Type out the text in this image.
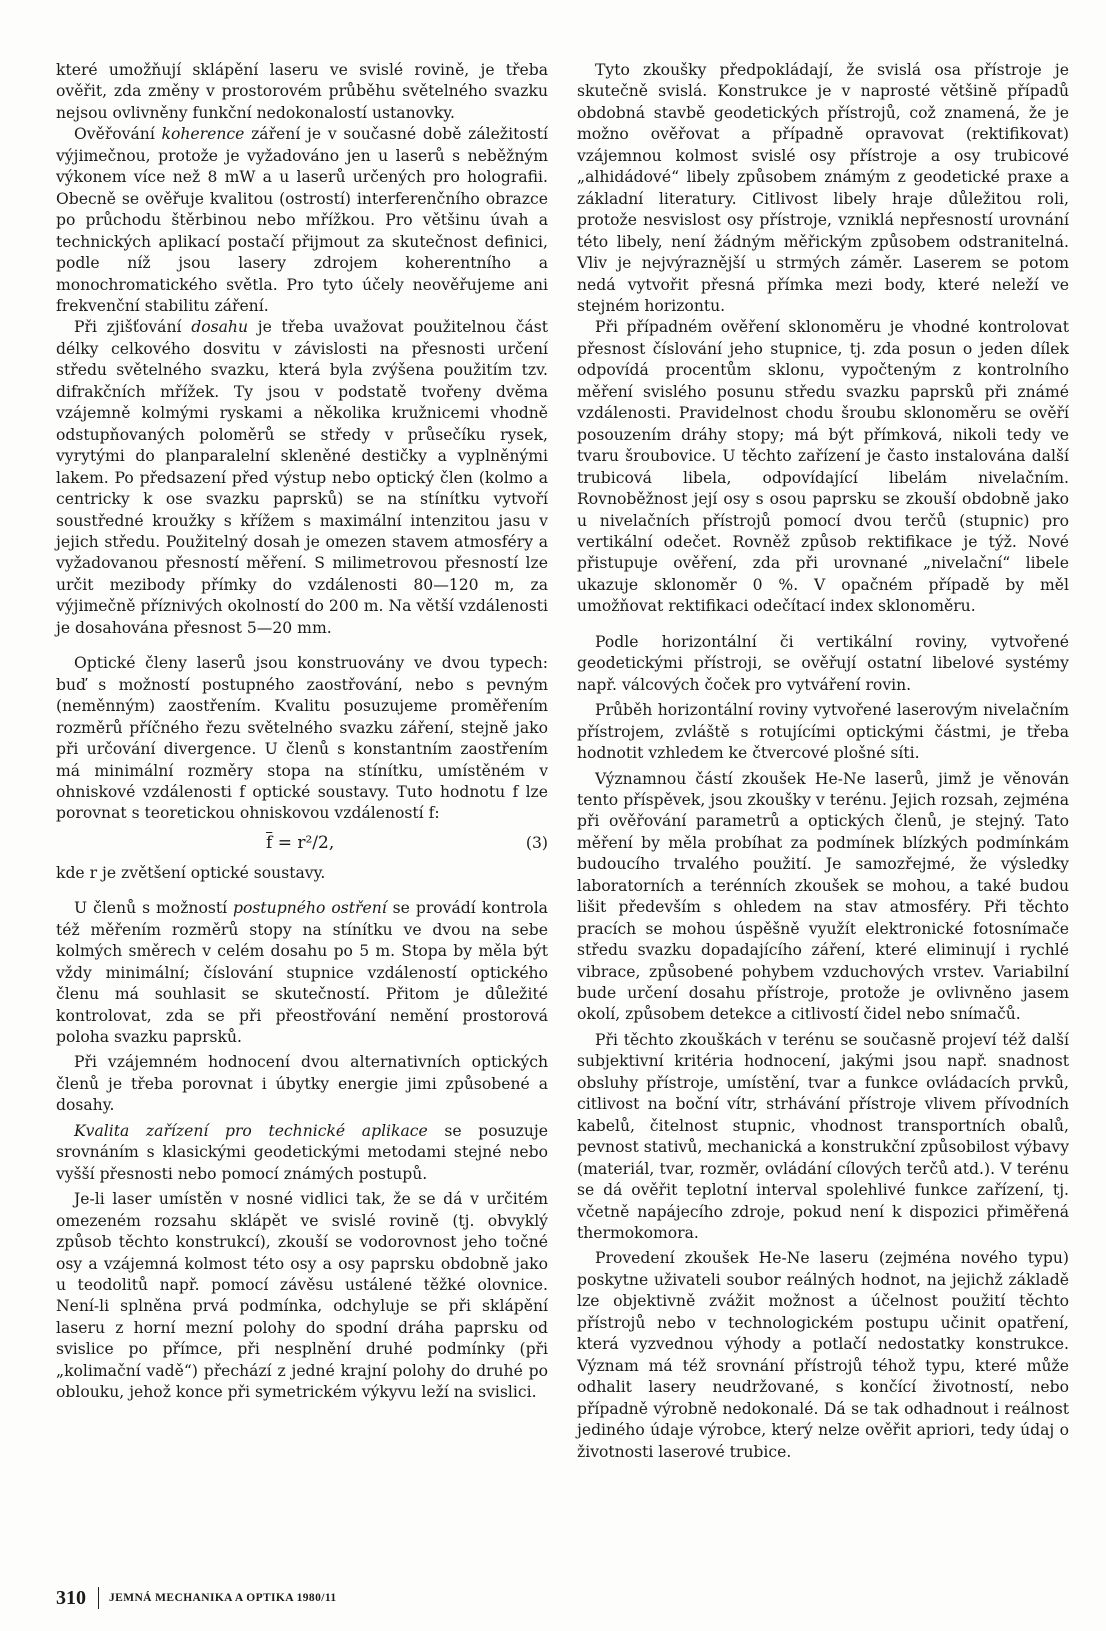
které umožňují sklápění laseru ve svislé rovině, je třeba ověřit, zda změny v prostorovém průběhu světelného svazku nejsou ovlivněny funkční nedokonalostí ustanovky.

Ověřování koherence záření je v současné době záležitostí výjimečnou, protože je vyžadováno jen u laserů s neběžným výkonem více než 8 mW a u laserů určených pro holografii. Obecně se ověřuje kvalitou (ostrostí) interferenčního obrazce po průchodu štěrbinou nebo mřížkou. Pro většinu úvah a technických aplikací postačí přijmout za skutečnost definici, podle níž jsou lasery zdrojem koherentního a monochromatického světla. Pro tyto účely neověřujeme ani frekvenční stabilitu záření.

Při zjišťování dosahu je třeba uvažovat použitelnou část délky celkového dosvitu v závislosti na přesnosti určení středu světelného svazku, která byla zvýšena použitím tzv. difrakčních mřížek. Ty jsou v podstatě tvořeny dvěma vzájemně kolmými ryskami a několika kružnicemi vhodně odstupňovaných poloměrů se středy v průsečíku rysek, vyrytými do planparalelní skleněné destičky a vyplněnými lakem. Po předsazení před výstup nebo optický člen (kolmo a centricky k ose svazku paprsků) se na stínítku vytvoří soustředné kroužky s křížem s maximální intenzitou jasu v jejich středu. Použitelný dosah je omezen stavem atmosféry a vyžadovanou přesností měření. S milimetrovou přesností lze určit mezibody přímky do vzdálenosti 80—120 m, za výjimečně příznivých okolností do 200 m. Na větší vzdálenosti je dosahována přesnost 5—20 mm.

Optické členy laserů jsou konstruovány ve dvou typech: buď s možností postupného zaostřování, nebo s pevným (neměnným) zaostřením. Kvalitu posuzujeme proměřením rozměrů příčného řezu světelného svazku záření, stejně jako při určování divergence. U členů s konstantním zaostřením má minimální rozměry stopa na stínítku, umístěném v ohniskové vzdálenosti f optické soustavy. Tuto hodnotu f lze porovnat s teoretickou ohniskovou vzdáleností f:

$\overline{f} = r^2/2$,	(3)

kde r je zvětšení optické soustavy.

U členů s možností postupného ostření se provádí kontrola též měřením rozměrů stopy na stínítku ve dvou na sebe kolmých směrech v celém dosahu po 5 m. Stopa by měla být vždy minimální; číslování stupnice vzdáleností optického členu má souhlasit se skutečností. Přitom je důležité kontrolovat, zda se při přeostřování nemění prostorová poloha svazku paprsků.

Při vzájemném hodnocení dvou alternativních optických členů je třeba porovnat i úbytky energie jimi způsobené a dosahy.

Kvalita zařízení pro technické aplikace se posuzuje srovnáním s klasickými geodetickými metodami stejné nebo vyšší přesnosti nebo pomocí známých postupů.

Je-li laser umístěn v nosné vidlici tak, že se dá v určitém omezeném rozsahu sklápět ve svislé rovině (tj. obvyklý způsob těchto konstrukcí), zkouší se vodorovnost jeho točné osy a vzájemná kolmost této osy a osy paprsku obdobně jako u teodolitů např. pomocí závěsu ustálené těžké olovnice. Není-li splněna prvá podmínka, odchyluje se při sklápění laseru z horní mezní polohy do spodní dráha paprsku od svislice po přímce, při nesplnění druhé podmínky (při „kolimační vadě“) přechází z jedné krajní polohy do druhé po oblouku, jehož konce při symetrickém výkyvu leží na svislici.

Tyto zkoušky předpokládají, že svislá osa přístroje je skutečně svislá. Konstrukce je v naprosté většině případů obdobná stavbě geodetických přístrojů, což znamená, že je možno ověřovat a případně opravovat (rektifikovat) vzájemnou kolmost svislé osy přístroje a osy trubicové „alhidádové“ libely způsobem známým z geodetické praxe a základní literatury. Citlivost libely hraje důležitou roli, protože nesvislost osy přístroje, vzniklá nepřesností urovnání této libely, není žádným měřickým způsobem odstranitelná. Vliv je nejvýraznější u strmých záměr. Laserem se potom nedá vytvořit přesná přímka mezi body, které neleží ve stejném horizontu.

Při případném ověření sklonoměru je vhodné kontrolovat přesnost číslování jeho stupnice, tj. zda posun o jeden dílek odpovídá procentům sklonu, vypočteným z kontrolního měření svislého posunu středu svazku paprsků při známé vzdálenosti. Pravidelnost chodu šroubu sklonoměru se ověří posouzením dráhy stopy; má být přímková, nikoli tedy ve tvaru šroubovice. U těchto zařízení je často instalována další trubicová libela, odpovídající libelám nivelačním. Rovnoběžnost její osy s osou paprsku se zkouší obdobně jako u nivelačních přístrojů pomocí dvou terčů (stupnic) pro vertikální odečet. Rovněž způsob rektifikace je týž. Nové přistupuje ověření, zda při urovnané „nivelační“ libele ukazuje sklonoměr 0 %. V opačném případě by měl umožňovat rektifikaci odečítací index sklonoměru.

Podle horizontální či vertikální roviny, vytvořené geodetickými přístroji, se ověřují ostatní libelové systémy např. válcových čoček pro vytváření rovin.

Průběh horizontální roviny vytvořené laserovým nivelačním přístrojem, zvláště s rotujícími optickými částmi, je třeba hodnotit vzhledem ke čtvercové plošné síti.

Významnou částí zkoušek He-Ne laserů, jimž je věnován tento příspěvek, jsou zkoušky v terénu. Jejich rozsah, zejména při ověřování parametrů a optických členů, je stejný. Tato měření by měla probíhat za podmínek blízkých podmínkám budoucího trvalého použití. Je samozřejmé, že výsledky laboratorních a terénních zkoušek se mohou, a také budou lišit především s ohledem na stav atmosféry. Při těchto pracích se mohou úspěšně využít elektronické fotosnímače středu svazku dopadajícího záření, které eliminují i rychlé vibrace, způsobené pohybem vzduchových vrstev. Variabilní bude určení dosahu přístroje, protože je ovlivněno jasem okolí, způsobem detekce a citlivostí čidel nebo snímačů.

Při těchto zkouškách v terénu se současně projeví též další subjektivní kritéria hodnocení, jakými jsou např. snadnost obsluhy přístroje, umístění, tvar a funkce ovládacích prvků, citlivost na boční vítr, strhávání přístroje vlivem přívodních kabelů, čitelnost stupnic, vhodnost transportních obalů, pevnost stativů, mechanická a konstrukční způsobilost výbavy (materiál, tvar, rozměr, ovládání cílových terčů atd.). V terénu se dá ověřit teplotní interval spolehlivé funkce zařízení, tj. včetně napájecího zdroje, pokud není k dispozici přiměřená thermokomora.

Provedení zkoušek He-Ne laseru (zejména nového typu) poskytne uživateli soubor reálných hodnot, na jejichž základě lze objektivně zvážit možnost a účelnost použití těchto přístrojů nebo v technologickém postupu učinit opatření, která vyzvednou výhody a potlačí nedostatky konstrukce. Význam má též srovnání přístrojů téhož typu, které může odhalit lasery neudržované, s končící životností, nebo případně výrobně nedokonalé. Dá se tak odhadnout i reálnost jediného údaje výrobce, který nelze ověřit apriori, tedy údaj o životnosti laserové trubice.

310 JEMNÁ MECHANIKA A OPTIKA 1980/11
